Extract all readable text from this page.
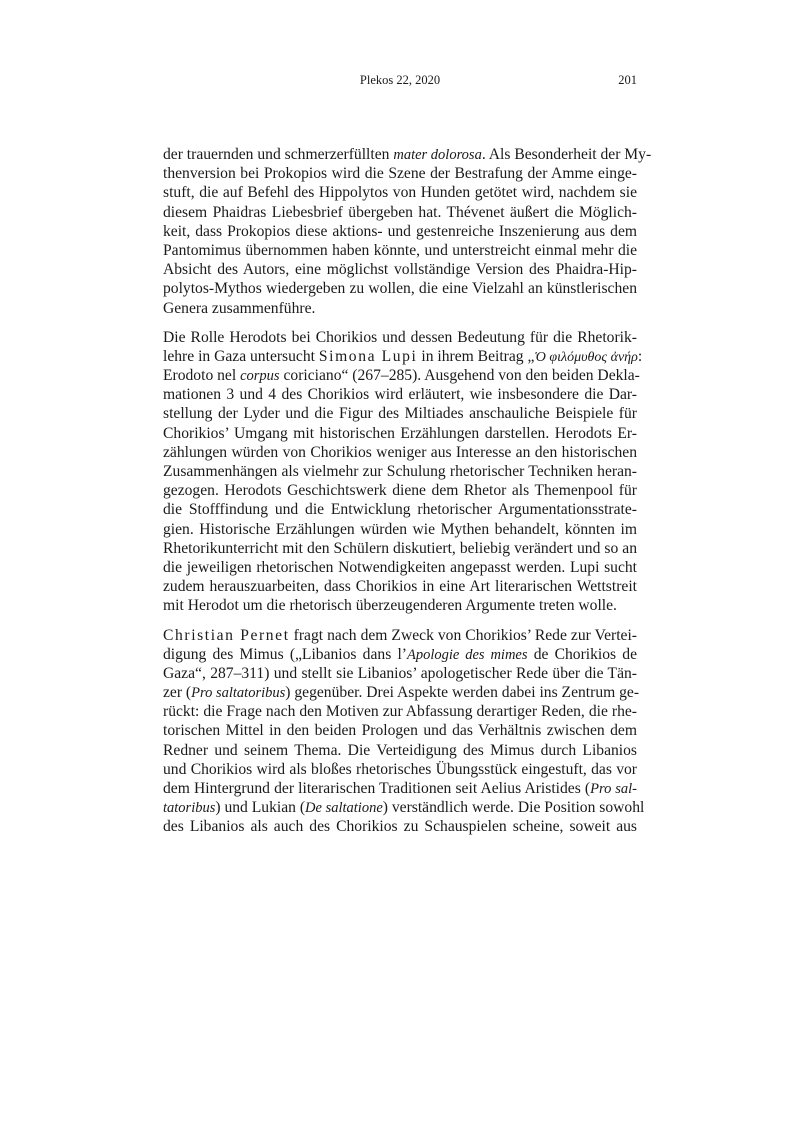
Plekos 22, 2020	201
der trauernden und schmerzerfüllten mater dolorosa. Als Besonderheit der My-
thenversion bei Prokopios wird die Szene der Bestrafung der Amme einge-
stuft, die auf Befehl des Hippolytos von Hunden getötet wird, nachdem sie
diesem Phaidras Liebesbrief übergeben hat. Thévenet äußert die Möglich-
keit, dass Prokopios diese aktions- und gestenreiche Inszenierung aus dem
Pantomimus übernommen haben könnte, und unterstreicht einmal mehr die
Absicht des Autors, eine möglichst vollständige Version des Phaidra-Hip-
polytos-Mythos wiedergeben zu wollen, die eine Vielzahl an künstlerischen
Genera zusammenführe.
Die Rolle Herodots bei Chorikios und dessen Bedeutung für die Rhetorik-
lehre in Gaza untersucht Simona Lupi in ihrem Beitrag „Ὁ φιλόμυθος ἀνήρ:
Erodoto nel corpus coriciano“ (267–285). Ausgehend von den beiden Dekla-
mationen 3 und 4 des Chorikios wird erläutert, wie insbesondere die Dar-
stellung der Lyder und die Figur des Miltiades anschauliche Beispiele für
Chorikios’ Umgang mit historischen Erzählungen darstellen. Herodots Er-
zählungen würden von Chorikios weniger aus Interesse an den historischen
Zusammenhängen als vielmehr zur Schulung rhetorischer Techniken heran-
gezogen. Herodots Geschichtswerk diene dem Rhetor als Themenpool für
die Stofffindung und die Entwicklung rhetorischer Argumentationsstrate-
gien. Historische Erzählungen würden wie Mythen behandelt, könnten im
Rhetorikunterricht mit den Schülern diskutiert, beliebig verändert und so an
die jeweiligen rhetorischen Notwendigkeiten angepasst werden. Lupi sucht
zudem herauszuarbeiten, dass Chorikios in eine Art literarischen Wettstreit
mit Herodot um die rhetorisch überzeugenderen Argumente treten wolle.
Christian Pernet fragt nach dem Zweck von Chorikios’ Rede zur Vertei-
digung des Mimus („Libanios dans l’Apologie des mimes de Chorikios de
Gaza“, 287–311) und stellt sie Libanios’ apologetischer Rede über die Tän-
zer (Pro saltatoribus) gegenüber. Drei Aspekte werden dabei ins Zentrum ge-
rückt: die Frage nach den Motiven zur Abfassung derartiger Reden, die rhe-
torischen Mittel in den beiden Prologen und das Verhältnis zwischen dem
Redner und seinem Thema. Die Verteidigung des Mimus durch Libanios
und Chorikios wird als bloßes rhetorisches Übungsstück eingestuft, das vor
dem Hintergrund der literarischen Traditionen seit Aelius Aristides (Pro sal-
tatoribus) und Lukian (De saltatione) verständlich werde. Die Position sowohl
des Libanios als auch des Chorikios zu Schauspielen scheine, soweit aus
